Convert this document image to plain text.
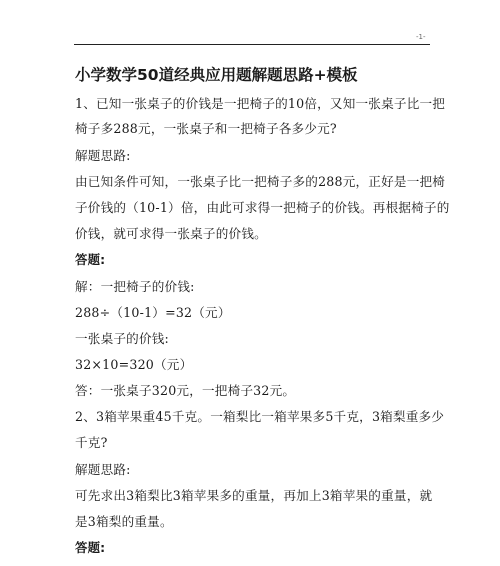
-1-
小学数学50道经典应用题解题思路+模板
1、已知一张桌子的价钱是一把椅子的10倍，又知一张桌子比一把
椅子多288元，一张桌子和一把椅子各多少元?
解题思路:
由已知条件可知，一张桌子比一把椅子多的288元，正好是一把椅
子价钱的（10-1）倍，由此可求得一把椅子的价钱。再根据椅子的
价钱，就可求得一张桌子的价钱。
答题:
解：一把椅子的价钱:
288÷（10-1）=32（元）
一张桌子的价钱:
32×10=320（元）
答：一张桌子320元，一把椅子32元。
2、3箱苹果重45千克。一箱梨比一箱苹果多5千克，3箱梨重多少
千克?
解题思路:
可先求出3箱梨比3箱苹果多的重量，再加上3箱苹果的重量，就
是3箱梨的重量。
答题:
